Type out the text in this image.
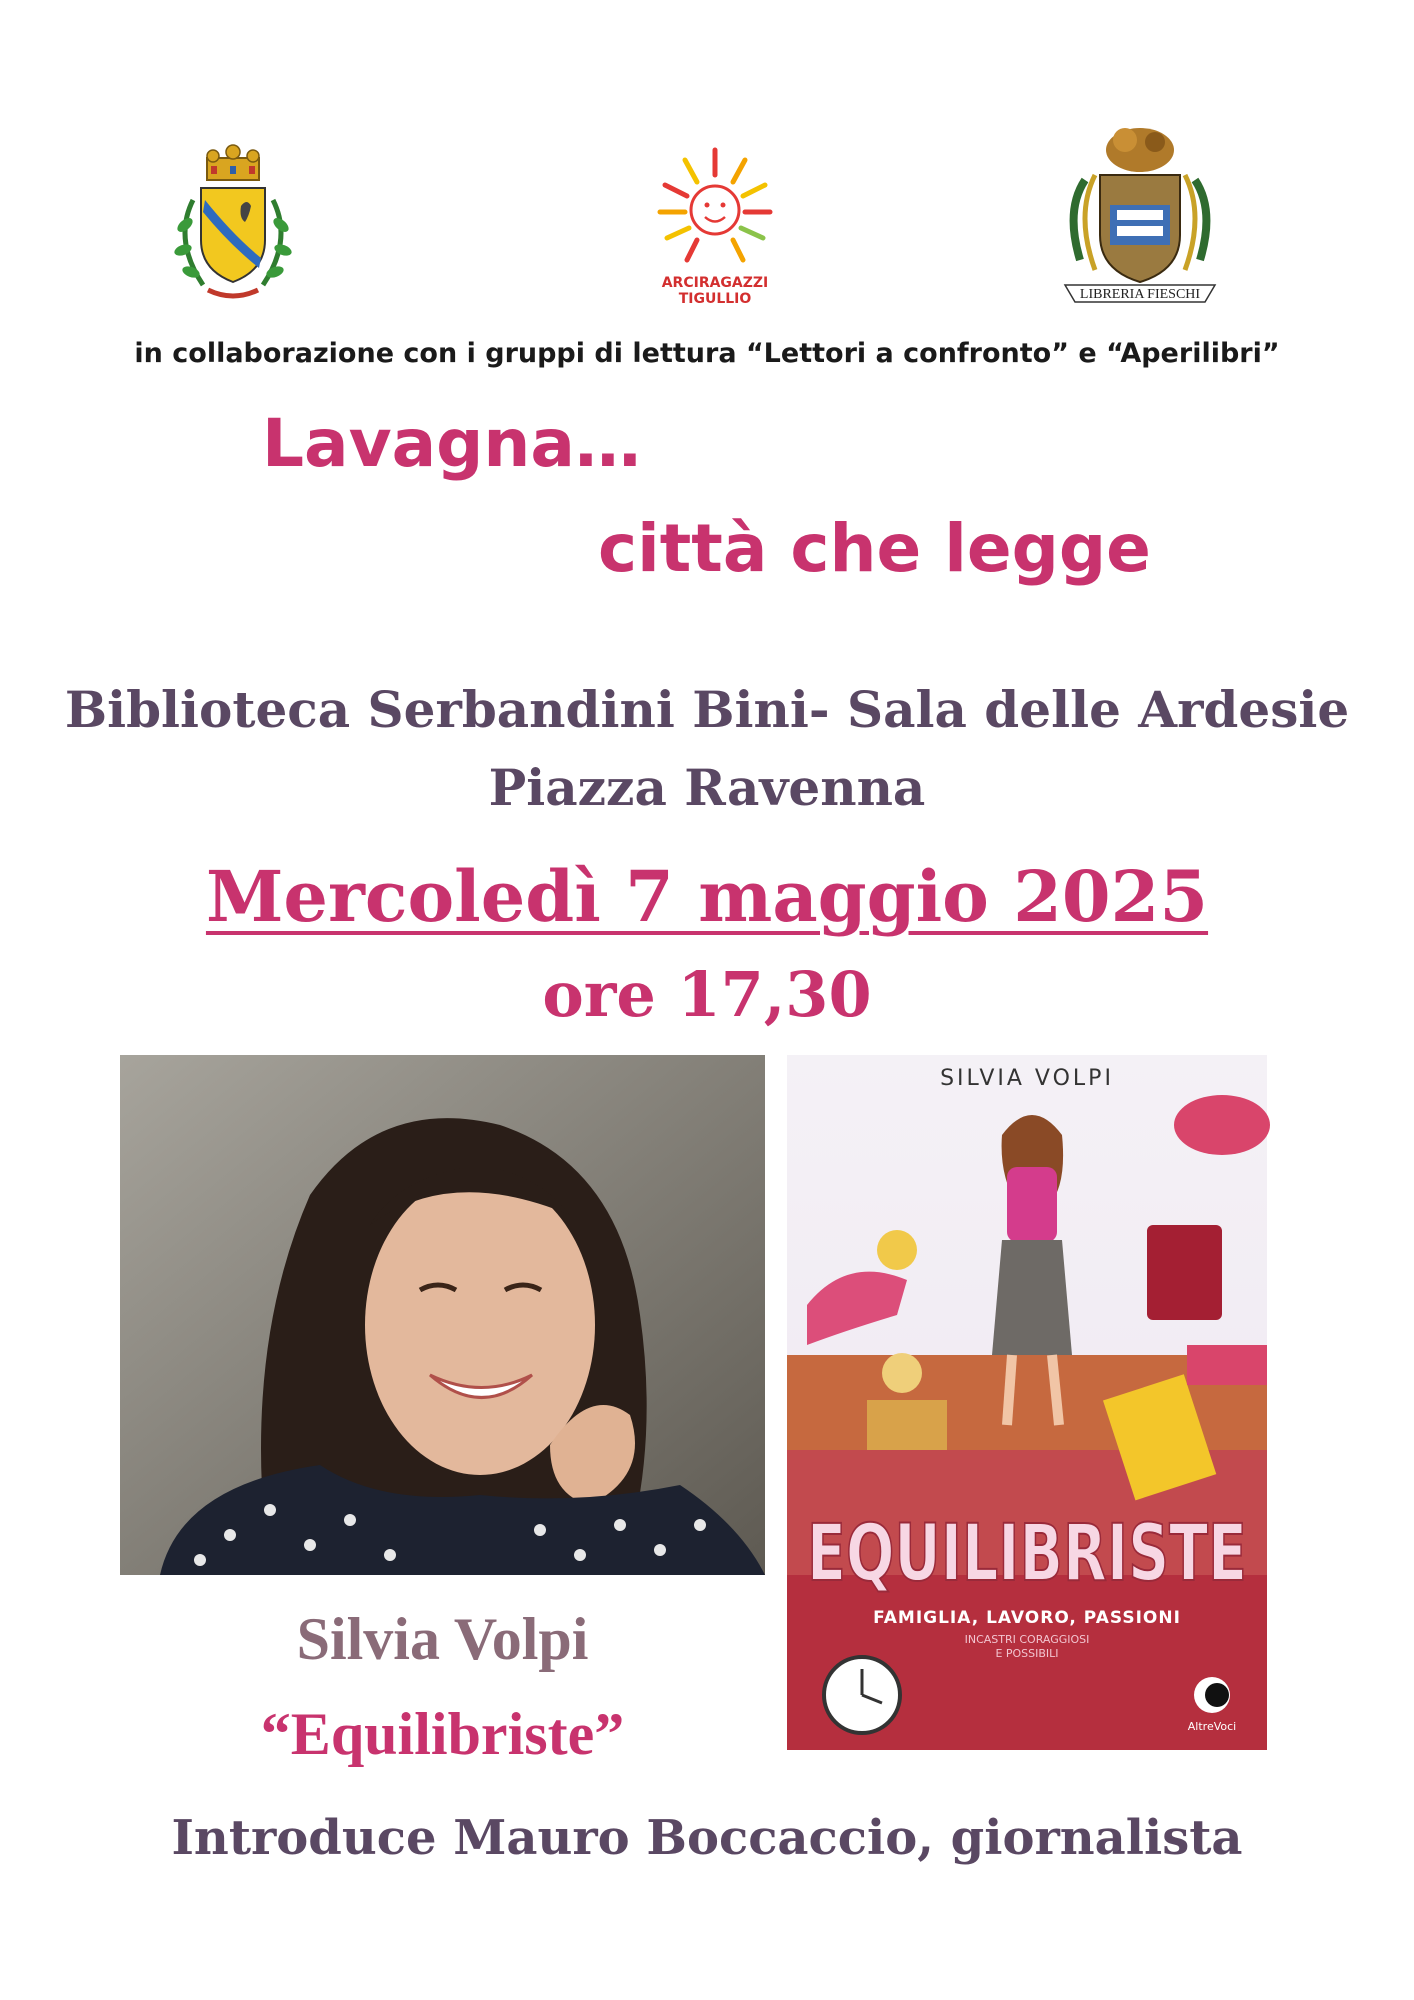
ARCIRAGAZZI
TIGULLIO	LIBRERIA FIESCHI
in collaborazione con i gruppi di lettura “Lettori a confronto” e “Aperilibri”
Lavagna…
città che legge
Biblioteca Serbandini Bini- Sala delle Ardesie
Piazza Ravenna
Mercoledì 7 maggio 2025
ore 17,30
SILVIA VOLPI
EQUILIBRISTE
FAMIGLIA, LAVORO, PASSIONI
INCASTRI CORAGGIOSI
E POSSIBILI
AltreVoci
Silvia Volpi
“Equilibriste”
Introduce Mauro Boccaccio, giornalista
